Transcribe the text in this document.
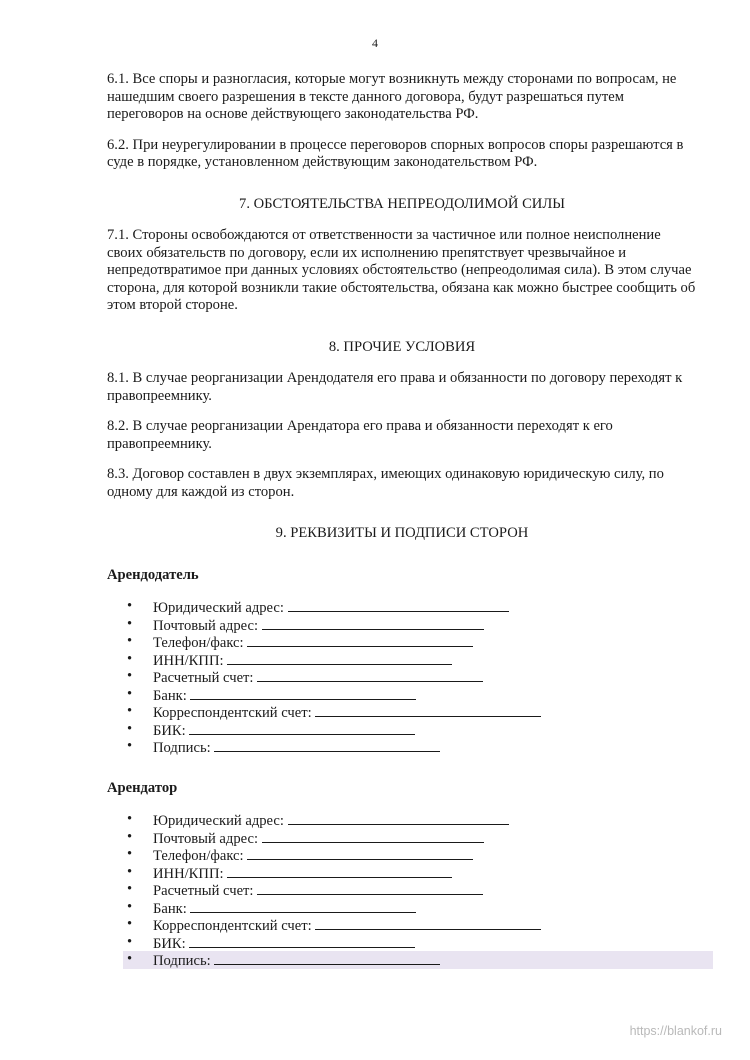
4

6.1. Все споры и разногласия, которые могут возникнуть между сторонами по вопросам, не нашедшим своего разрешения в тексте данного договора, будут разрешаться путем переговоров на основе действующего законодательства РФ.

6.2. При неурегулировании в процессе переговоров спорных вопросов споры разрешаются в суде в порядке, установленном действующим законодательством РФ.

7. ОБСТОЯТЕЛЬСТВА НЕПРЕОДОЛИМОЙ СИЛЫ

7.1. Стороны освобождаются от ответственности за частичное или полное неисполнение своих обязательств по договору, если их исполнению препятствует чрезвычайное и непредотвратимое при данных условиях обстоятельство (непреодолимая сила). В этом случае сторона, для которой возникли такие обстоятельства, обязана как можно быстрее сообщить об этом второй стороне.

8. ПРОЧИЕ УСЛОВИЯ

8.1. В случае реорганизации Арендодателя его права и обязанности по договору переходят к правопреемнику.

8.2. В случае реорганизации Арендатора его права и обязанности переходят к его правопреемнику.

8.3. Договор составлен в двух экземплярах, имеющих одинаковую юридическую силу, по одному для каждой из сторон.

9. РЕКВИЗИТЫ И ПОДПИСИ СТОРОН
Арендодатель
• Юридический адрес:
• Почтовый адрес:
• Телефон/факс:
• ИНН/КПП:
• Расчетный счет:
• Банк:
• Корреспондентский счет:
• БИК:
• Подпись:
Арендатор
• Юридический адрес:
• Почтовый адрес:
• Телефон/факс:
• ИНН/КПП:
• Расчетный счет:
• Банк:
• Корреспондентский счет:
• БИК:
• Подпись:
https://blankof.ru
